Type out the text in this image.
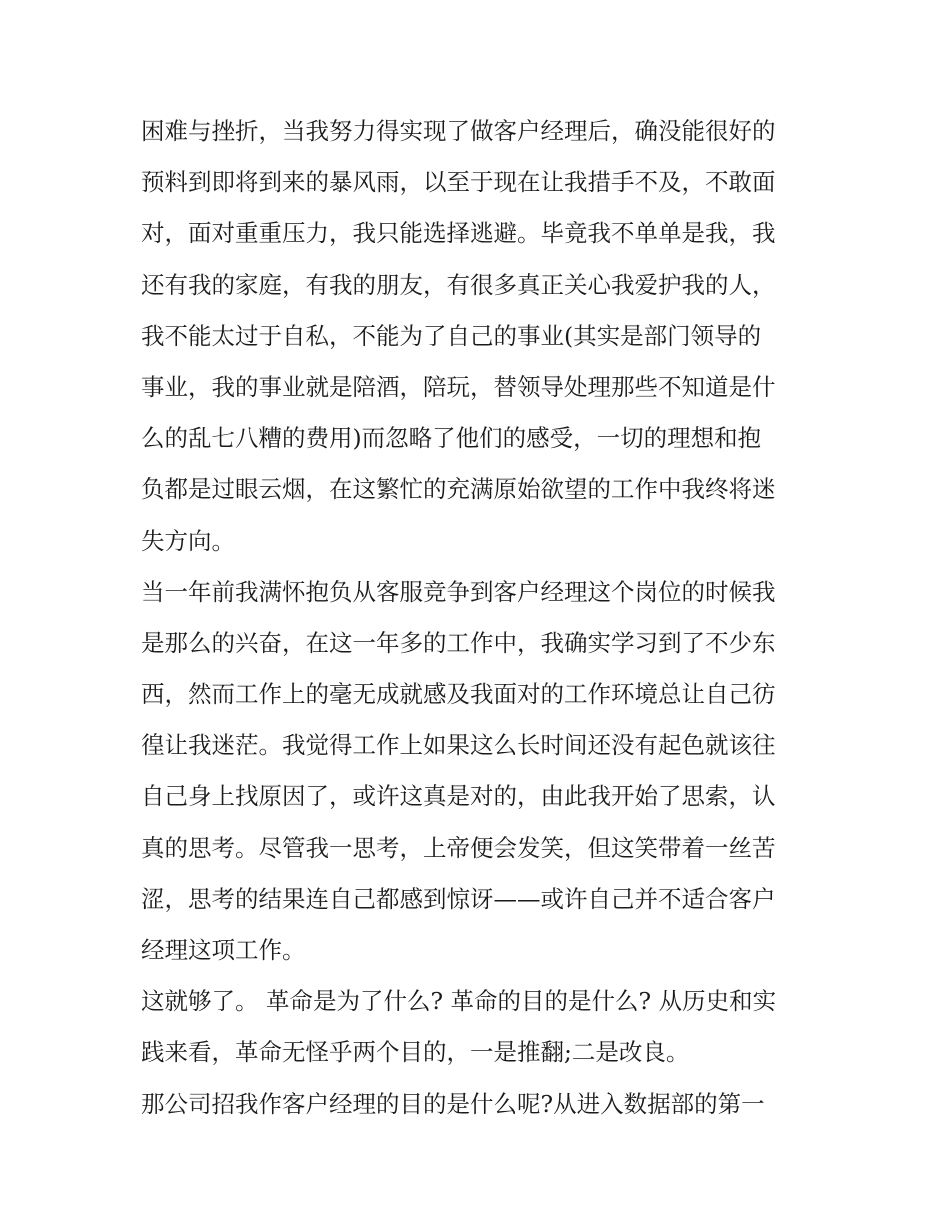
困难与挫折，当我努力得实现了做客户经理后，确没能很好的
预料到即将到来的暴风雨，以至于现在让我措手不及，不敢面
对，面对重重压力，我只能选择逃避。毕竟我不单单是我，我
还有我的家庭，有我的朋友，有很多真正关心我爱护我的人，
我不能太过于自私，不能为了自己的事业(其实是部门领导的
事业，我的事业就是陪酒，陪玩，替领导处理那些不知道是什
么的乱七八糟的费用)而忽略了他们的感受，一切的理想和抱
负都是过眼云烟，在这繁忙的充满原始欲望的工作中我终将迷
失方向。
当一年前我满怀抱负从客服竞争到客户经理这个岗位的时候我
是那么的兴奋，在这一年多的工作中，我确实学习到了不少东
西，然而工作上的毫无成就感及我面对的工作环境总让自己彷
徨让我迷茫。我觉得工作上如果这么长时间还没有起色就该往
自己身上找原因了，或许这真是对的，由此我开始了思索，认
真的思考。尽管我一思考，上帝便会发笑，但这笑带着一丝苦
涩，思考的结果连自己都感到惊讶——或许自己并不适合客户
经理这项工作。
这就够了。 革命是为了什么? 革命的目的是什么? 从历史和实
践来看，革命无怪乎两个目的，一是推翻;二是改良。
那公司招我作客户经理的目的是什么呢?从进入数据部的第一
